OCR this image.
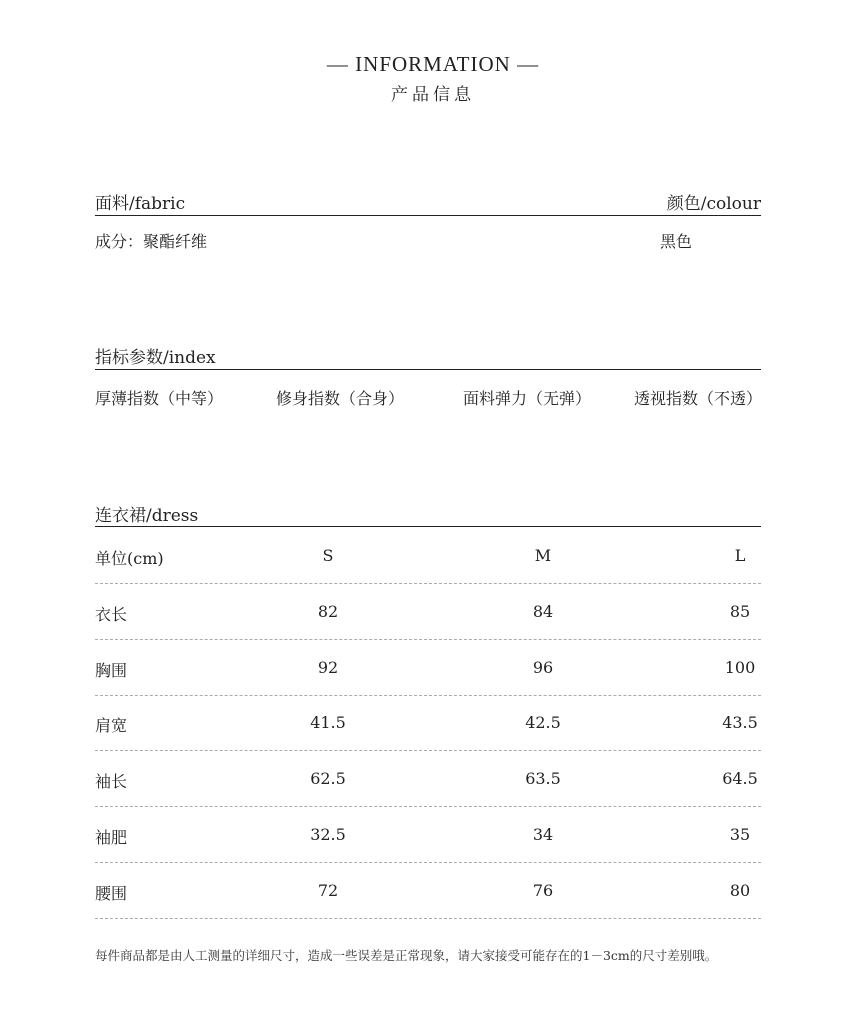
— INFORMATION —
产品信息
面料/fabric	颜色/colour
成分：聚酯纤维	黑色
指标参数/index
厚薄指数（中等）	修身指数（合身）	面料弹力（无弹）	透视指数（不透）
连衣裙/dress
单位(cm)	S	M	L
衣长	82	84	85
胸围	92	96	100
肩宽	41.5	42.5	43.5
袖长	62.5	63.5	64.5
袖肥	32.5	34	35
腰围	72	76	80
每件商品都是由人工测量的详细尺寸，造成一些误差是正常现象，请大家接受可能存在的1－3cm的尺寸差别哦。
